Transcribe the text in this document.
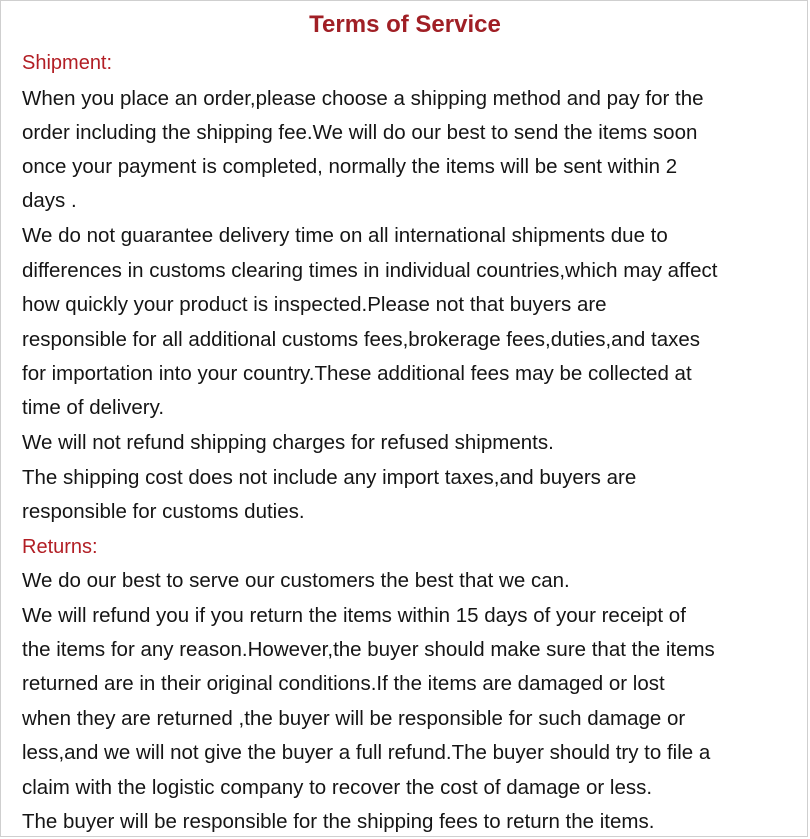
Terms of Service
Shipment:
When you place an order,please choose a shipping method and pay for the
order including the shipping fee.We will do our best to send the items soon
once your payment is completed, normally the items will be sent within 2
days .
We do not guarantee delivery time on all international shipments due to
differences in customs clearing times in individual countries,which may affect
how quickly your product is inspected.Please not that buyers are
responsible for all additional customs fees,brokerage fees,duties,and taxes
for importation into your country.These additional fees may be collected at
time of delivery.
We will not refund shipping charges for refused shipments.
The shipping cost does not include any import taxes,and buyers are
responsible for customs duties.
Returns:
We do our best to serve our customers the best that we can.
We will refund you if you return the items within 15 days of your receipt of
the items for any reason.However,the buyer should make sure that the items
returned are in their original conditions.If the items are damaged or lost
when they are returned ,the buyer will be responsible for such damage or
less,and we will not give the buyer a full refund.The buyer should try to file a
claim with the logistic company to recover the cost of damage or less.
The buyer will be responsible for the shipping fees to return the items.
